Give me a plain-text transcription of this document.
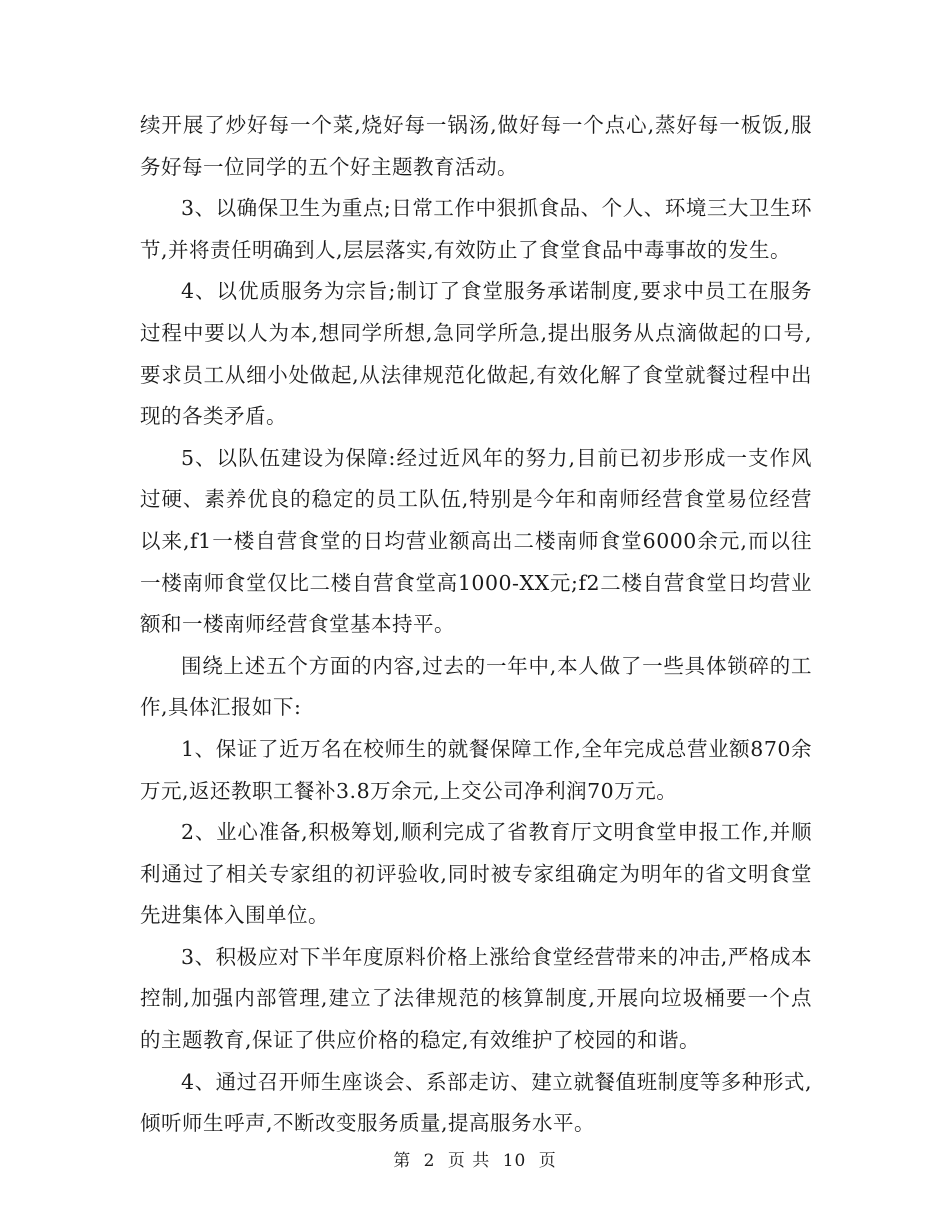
续开展了炒好每一个菜,烧好每一锅汤,做好每一个点心,蒸好每一板饭,服务好每一位同学的五个好主题教育活动。

3、以确保卫生为重点;日常工作中狠抓食品、个人、环境三大卫生环节,并将责任明确到人,层层落实,有效防止了食堂食品中毒事故的发生。

4、以优质服务为宗旨;制订了食堂服务承诺制度,要求中员工在服务过程中要以人为本,想同学所想,急同学所急,提出服务从点滴做起的口号,要求员工从细小处做起,从法律规范化做起,有效化解了食堂就餐过程中出现的各类矛盾。

5、以队伍建设为保障:经过近风年的努力,目前已初步形成一支作风过硬、素养优良的稳定的员工队伍,特别是今年和南师经营食堂易位经营以来,f1一楼自营食堂的日均营业额高出二楼南师食堂6000余元,而以往一楼南师食堂仅比二楼自营食堂高1000-XX元;f2二楼自营食堂日均营业额和一楼南师经营食堂基本持平。

围绕上述五个方面的内容,过去的一年中,本人做了一些具体锁碎的工作,具体汇报如下:

1、保证了近万名在校师生的就餐保障工作,全年完成总营业额870余万元,返还教职工餐补3.8万余元,上交公司净利润70万元。

2、业心准备,积极筹划,顺利完成了省教育厅文明食堂申报工作,并顺利通过了相关专家组的初评验收,同时被专家组确定为明年的省文明食堂先进集体入围单位。

3、积极应对下半年度原料价格上涨给食堂经营带来的冲击,严格成本控制,加强内部管理,建立了法律规范的核算制度,开展向垃圾桶要一个点的主题教育,保证了供应价格的稳定,有效维护了校园的和谐。

4、通过召开师生座谈会、系部走访、建立就餐值班制度等多种形式,倾听师生呼声,不断改变服务质量,提高服务水平。

第 2 页 共 10 页
